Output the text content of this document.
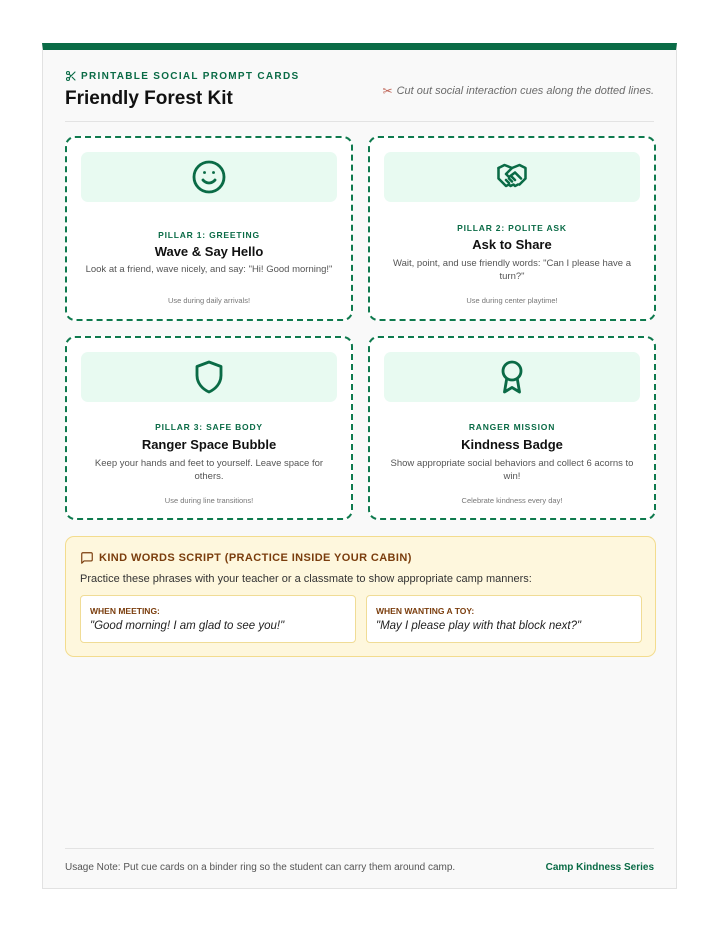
PRINTABLE SOCIAL PROMPT CARDS
Friendly Forest Kit	✂ Cut out social interaction cues along the dotted lines.
PILLAR 1: GREETING
Wave & Say Hello
Look at a friend, wave nicely, and say: "Hi! Good morning!"
Use during daily arrivals!
PILLAR 2: POLITE ASK
Ask to Share
Wait, point, and use friendly words: "Can I please have a turn?"
Use during center playtime!
PILLAR 3: SAFE BODY
Ranger Space Bubble
Keep your hands and feet to yourself. Leave space for others.
Use during line transitions!
RANGER MISSION
Kindness Badge
Show appropriate social behaviors and collect 6 acorns to win!
Celebrate kindness every day!
KIND WORDS SCRIPT (PRACTICE INSIDE YOUR CABIN)
Practice these phrases with your teacher or a classmate to show appropriate camp manners:
WHEN MEETING:
"Good morning! I am glad to see you!"
WHEN WANTING A TOY:
"May I please play with that block next?"
Usage Note: Put cue cards on a binder ring so the student can carry them around camp.	Camp Kindness Series
